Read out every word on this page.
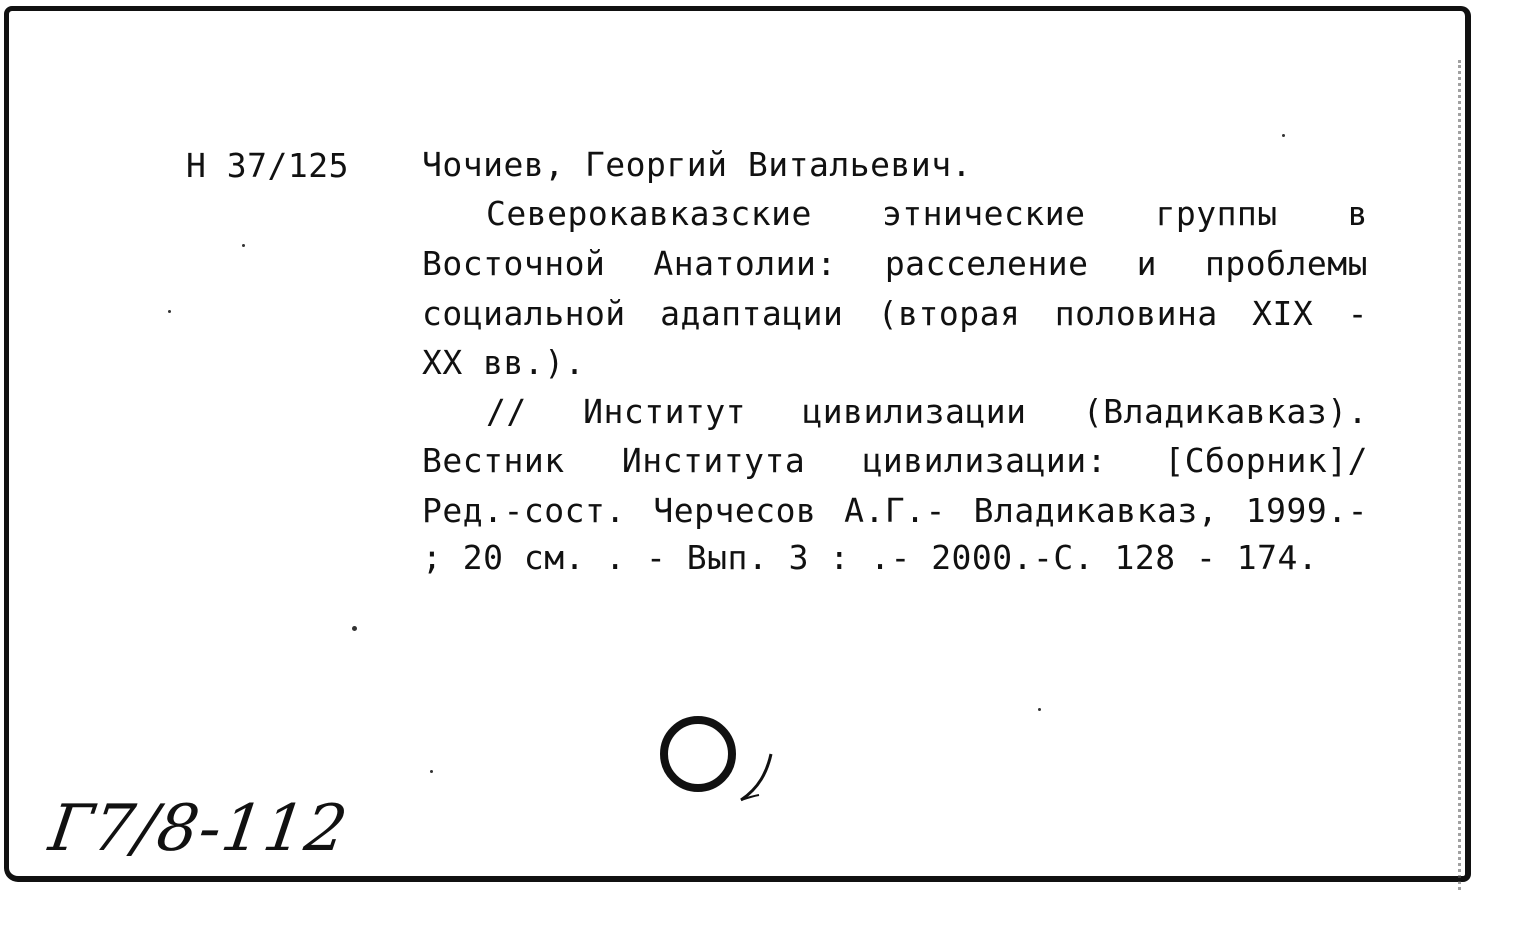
Н 37/125 Чочиев, Георгий Витальевич.
Северокавказские этнические группы в
Восточной Анатолии: расселение и проблемы
социальной адаптации (вторая половина XIX -
XX вв.).
// Институт цивилизации (Владикавказ).
Вестник Института цивилизации: [Сборник]/
Ред.-сост. Черчесов А.Г.- Владикавказ, 1999.-
; 20 см. . - Вып. 3 : .- 2000.-С. 128 - 174.
Г7/8-112
